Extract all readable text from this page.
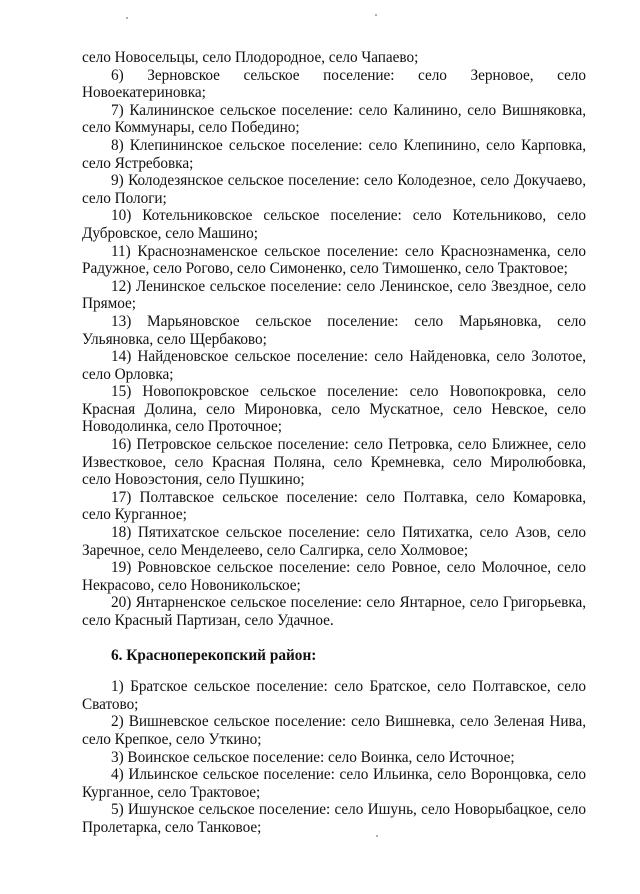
село Новосельцы, село Плодородное, село Чапаево;

6) Зерновское сельское поселение: село Зерновое, село Новоекатериновка;

7) Калининское сельское поселение: село Калинино, село Вишняковка, село Коммунары, село Победино;

8) Клепининское сельское поселение: село Клепинино, село Карповка, село Ястребовка;

9) Колодезянское сельское поселение: село Колодезное, село Докучаево, село Пологи;

10) Котельниковское сельское поселение: село Котельниково, село Дубровское, село Машино;

11) Краснознаменское сельское поселение: село Краснознаменка, село Радужное, село Рогово, село Симоненко, село Тимошенко, село Трактовое;

12) Ленинское сельское поселение: село Ленинское, село Звездное, село Прямое;

13) Марьяновское сельское поселение: село Марьяновка, село Ульяновка, село Щербаково;

14) Найденовское сельское поселение: село Найденовка, село Золотое, село Орловка;

15) Новопокровское сельское поселение: село Новопокровка, село Красная Долина, село Мироновка, село Мускатное, село Невское, село Новодолинка, село Проточное;

16) Петровское сельское поселение: село Петровка, село Ближнее, село Известковое, село Красная Поляна, село Кремневка, село Миролюбовка, село Новоэстония, село Пушкино;

17) Полтавское сельское поселение: село Полтавка, село Комаровка, село Курганное;

18) Пятихатское сельское поселение: село Пятихатка, село Азов, село Заречное, село Менделеево, село Салгирка, село Холмовое;

19) Ровновское сельское поселение: село Ровное, село Молочное, село Некрасово, село Новоникольское;

20) Янтарненское сельское поселение: село Янтарное, село Григорьевка, село Красный Партизан, село Удачное.

6. Красноперекопский район:

1) Братское сельское поселение: село Братское, село Полтавское, село Сватово;

2) Вишневское сельское поселение: село Вишневка, село Зеленая Нива, село Крепкое, село Уткино;

3) Воинское сельское поселение: село Воинка, село Источное;

4) Ильинское сельское поселение: село Ильинка, село Воронцовка, село Курганное, село Трактовое;

5) Ишунское сельское поселение: село Ишунь, село Новорыбацкое, село Пролетарка, село Танковое;
